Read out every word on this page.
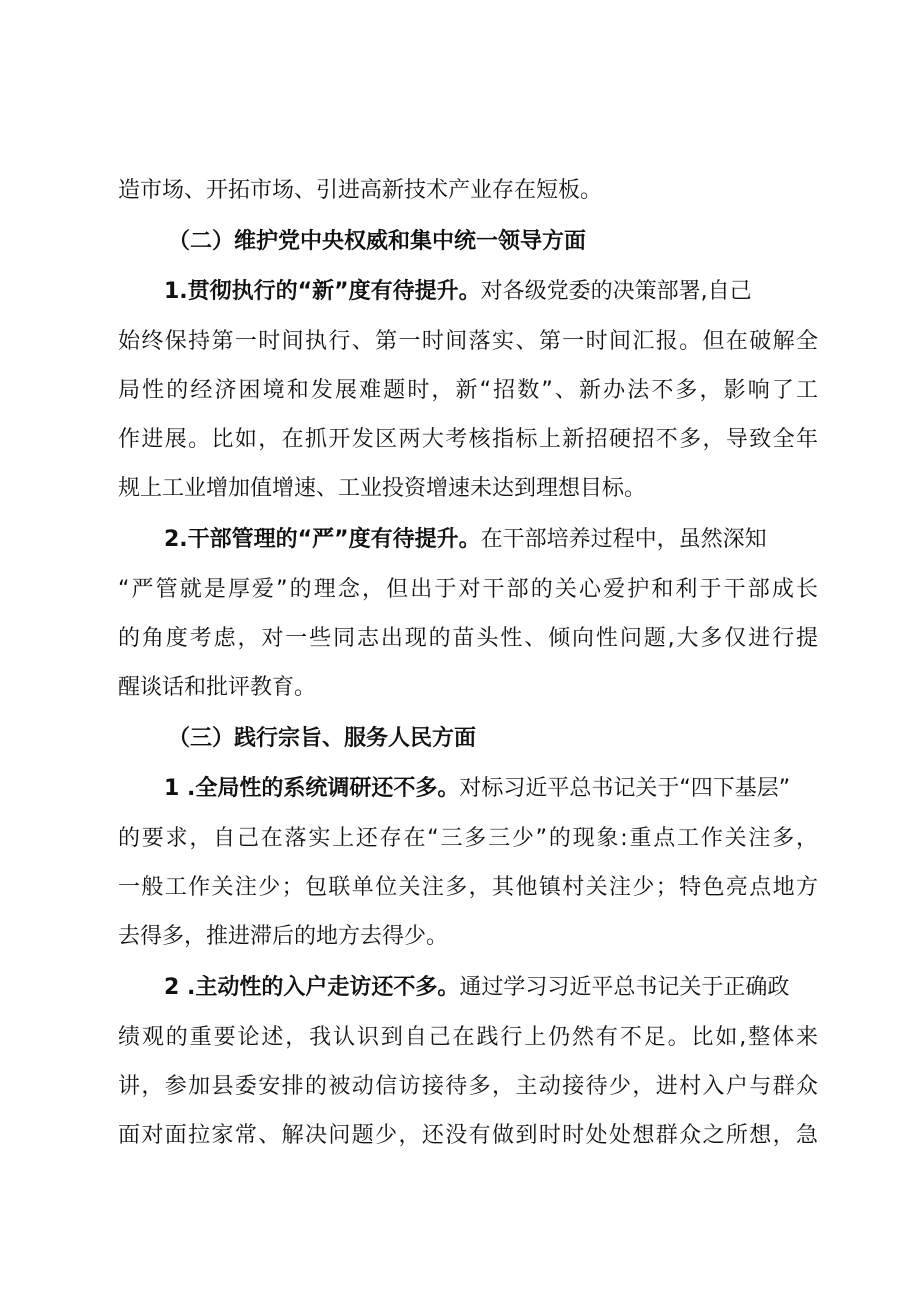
造市场、开拓市场、引进高新技术产业存在短板。
（二）维护党中央权威和集中统一领导方面
1.贯彻执行的“新”度有待提升。对各级党委的决策部署,自己
始终保持第一时间执行、第一时间落实、第一时间汇报。但在破解全
局性的经济困境和发展难题时，新“招数”、新办法不多，影响了工
作进展。比如，在抓开发区两大考核指标上新招硬招不多，导致全年
规上工业增加值增速、工业投资增速未达到理想目标。
2.干部管理的“严”度有待提升。在干部培养过程中，虽然深知
“严管就是厚爱”的理念，但出于对干部的关心爱护和利于干部成长
的角度考虑，对一些同志出现的苗头性、倾向性问题,大多仅进行提
醒谈话和批评教育。
（三）践行宗旨、服务人民方面
1 .全局性的系统调研还不多。对标习近平总书记关于“四下基层”
的要求，自己在落实上还存在“三多三少”的现象:重点工作关注多，
一般工作关注少；包联单位关注多，其他镇村关注少；特色亮点地方
去得多，推进滞后的地方去得少。
2 .主动性的入户走访还不多。通过学习习近平总书记关于正确政
绩观的重要论述，我认识到自己在践行上仍然有不足。比如,整体来
讲，参加县委安排的被动信访接待多，主动接待少，进村入户与群众
面对面拉家常、解决问题少，还没有做到时时处处想群众之所想，急
